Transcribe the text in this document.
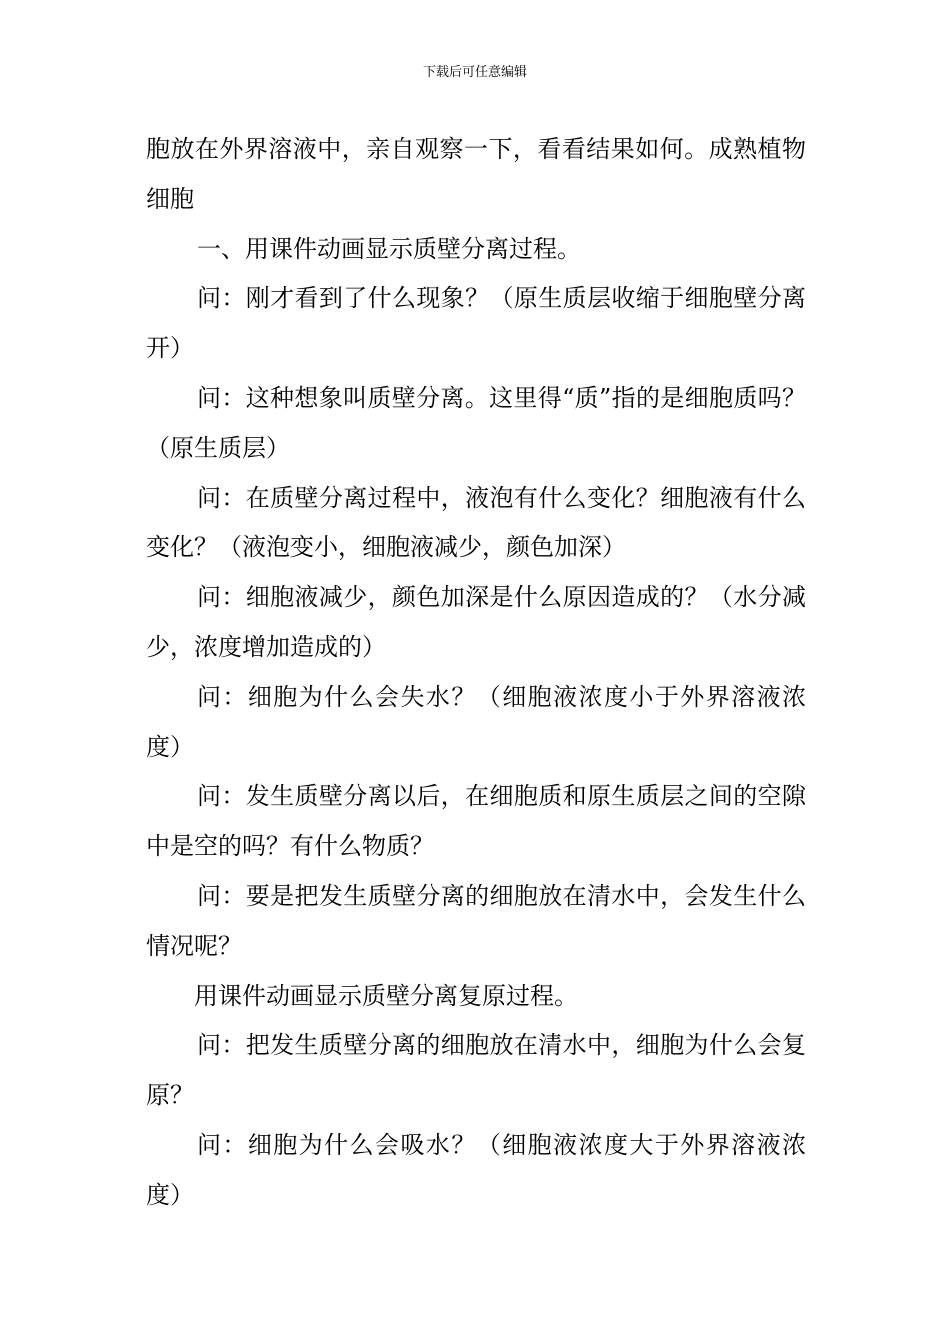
下载后可任意编辑

胞放在外界溶液中，亲自观察一下，看看结果如何。成熟植物细胞

一、用课件动画显示质壁分离过程。

问：刚才看到了什么现象？（原生质层收缩于细胞壁分离开）

问：这种想象叫质壁分离。这里得“质”指的是细胞质吗？（原生质层）

问：在质壁分离过程中，液泡有什么变化？细胞液有什么变化？（液泡变小，细胞液减少，颜色加深）

问：细胞液减少，颜色加深是什么原因造成的？（水分减少，浓度增加造成的）

问：细胞为什么会失水？（细胞液浓度小于外界溶液浓度）

问：发生质壁分离以后，在细胞质和原生质层之间的空隙中是空的吗？有什么物质？

问：要是把发生质壁分离的细胞放在清水中，会发生什么情况呢？

用课件动画显示质壁分离复原过程。

问：把发生质壁分离的细胞放在清水中，细胞为什么会复原？

问：细胞为什么会吸水？（细胞液浓度大于外界溶液浓度）
